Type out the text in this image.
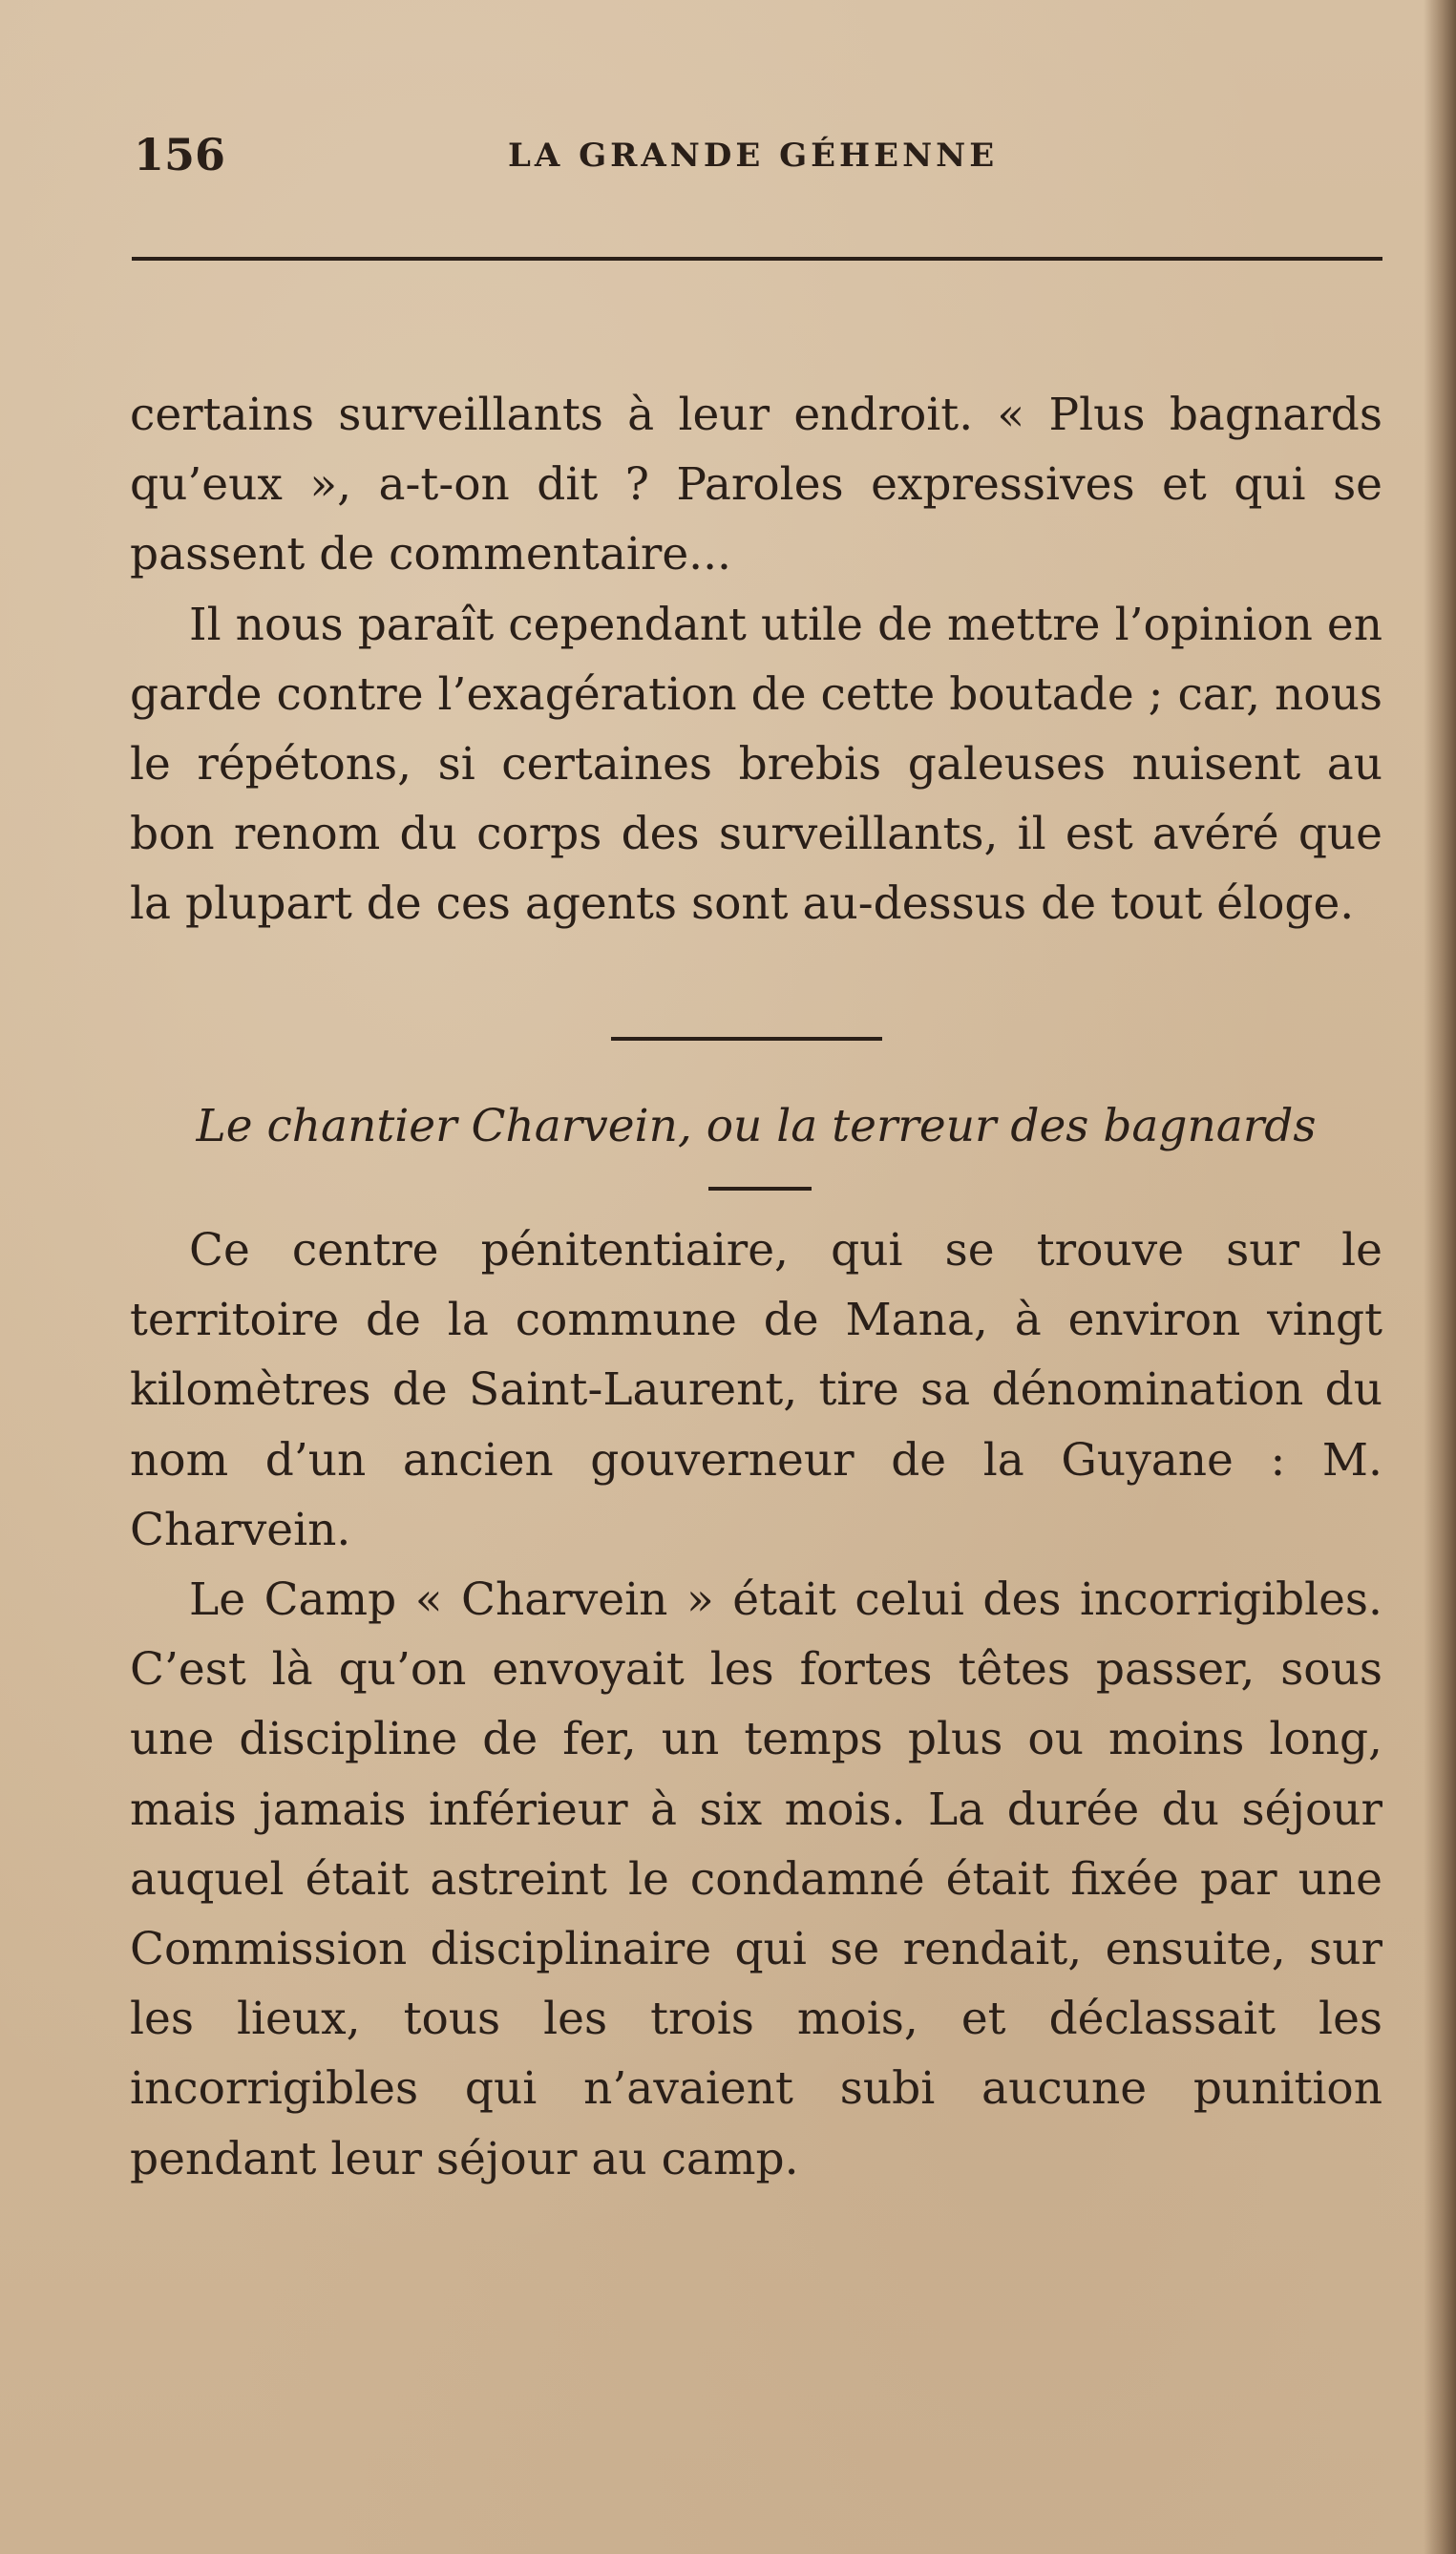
156	LA GRANDE GÉHENNE

certains surveillants à leur endroit. « Plus bagnards qu’eux », a-t-on dit ? Paroles expressives et qui se passent de commentaire...

Il nous paraît cependant utile de mettre l’opinion en garde contre l’exagération de cette boutade ; car, nous le répétons, si certaines brebis galeuses nuisent au bon renom du corps des surveillants, il est avéré que la plupart de ces agents sont au-dessus de tout éloge.

Le chantier Charvein, ou la terreur des bagnards

Ce centre pénitentiaire, qui se trouve sur le territoire de la commune de Mana, à environ vingt kilomètres de Saint-Laurent, tire sa dénomination du nom d’un ancien gouverneur de la Guyane : M. Charvein.

Le Camp « Charvein » était celui des incorrigibles. C’est là qu’on envoyait les fortes têtes passer, sous une discipline de fer, un temps plus ou moins long, mais jamais inférieur à six mois. La durée du séjour auquel était astreint le condamné était fixée par une Commission disciplinaire qui se rendait, ensuite, sur les lieux, tous les trois mois, et déclassait les incorrigibles qui n’avaient subi aucune punition pendant leur séjour au camp.
